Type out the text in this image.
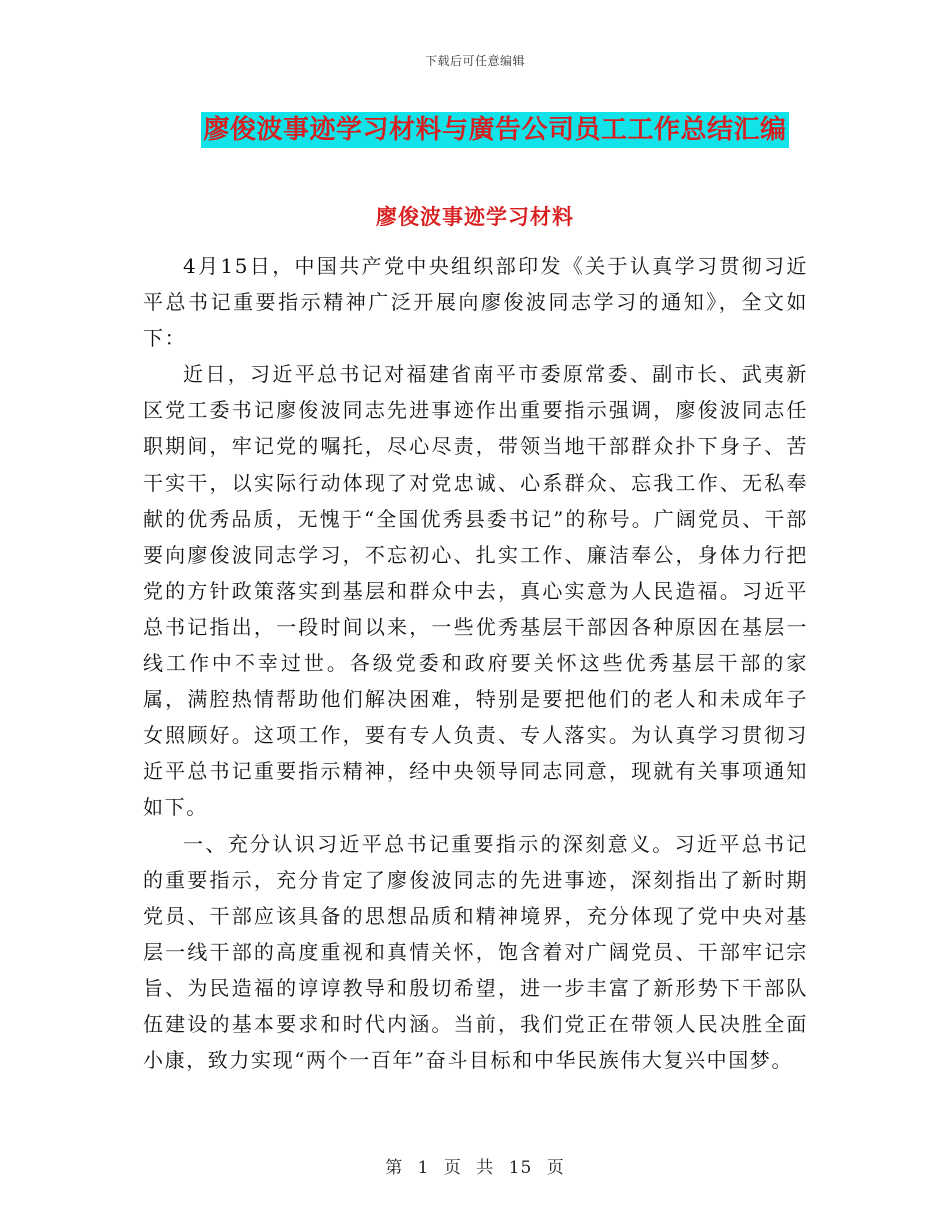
下载后可任意编辑
廖俊波事迹学习材料与廣告公司员工工作总结汇编
廖俊波事迹学习材料

4月15日，中国共产党中央组织部印发《关于认真学习贯彻习近平总书记重要指示精神广泛开展向廖俊波同志学习的通知》，全文如下：

近日，习近平总书记对福建省南平市委原常委、副市长、武夷新区党工委书记廖俊波同志先进事迹作出重要指示强调，廖俊波同志任职期间，牢记党的嘱托，尽心尽责，带领当地干部群众扑下身子、苦干实干，以实际行动体现了对党忠诚、心系群众、忘我工作、无私奉献的优秀品质，无愧于“全国优秀县委书记”的称号。广阔党员、干部要向廖俊波同志学习，不忘初心、扎实工作、廉洁奉公，身体力行把党的方针政策落实到基层和群众中去，真心实意为人民造福。习近平总书记指出，一段时间以来，一些优秀基层干部因各种原因在基层一线工作中不幸过世。各级党委和政府要关怀这些优秀基层干部的家属，满腔热情帮助他们解决困难，特别是要把他们的老人和未成年子女照顾好。这项工作，要有专人负责、专人落实。为认真学习贯彻习近平总书记重要指示精神，经中央领导同志同意，现就有关事项通知如下。

一、充分认识习近平总书记重要指示的深刻意义。习近平总书记的重要指示，充分肯定了廖俊波同志的先进事迹，深刻指出了新时期党员、干部应该具备的思想品质和精神境界，充分体现了党中央对基层一线干部的高度重视和真情关怀，饱含着对广阔党员、干部牢记宗旨、为民造福的谆谆教导和殷切希望，进一步丰富了新形势下干部队伍建设的基本要求和时代内涵。当前，我们党正在带领人民决胜全面小康，致力实现“两个一百年”奋斗目标和中华民族伟大复兴中国梦。

第 1 页 共 15 页
